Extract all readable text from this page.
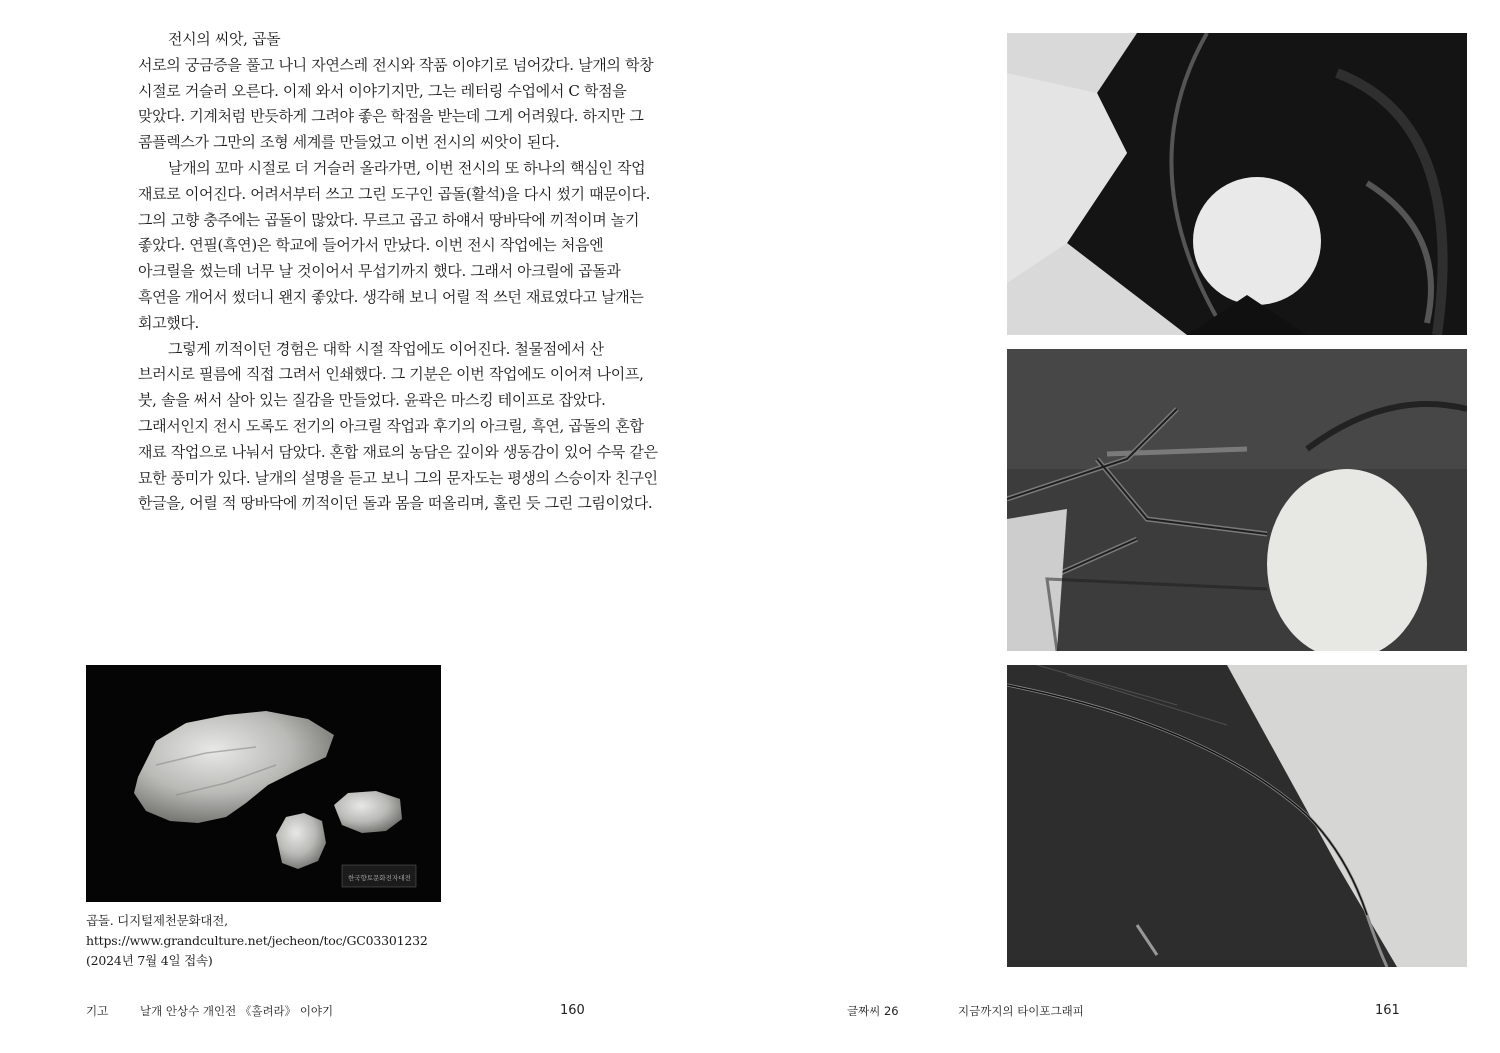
전시의 씨앗, 곱돌

서로의 궁금증을 풀고 나니 자연스레 전시와 작품 이야기로 넘어갔다. 날개의 학창 시절로 거슬러 오른다. 이제 와서 이야기지만, 그는 레터링 수업에서 C 학점을 맞았다. 기계처럼 반듯하게 그려야 좋은 학점을 받는데 그게 어려웠다. 하지만 그 콤플렉스가 그만의 조형 세계를 만들었고 이번 전시의 씨앗이 된다.

날개의 꼬마 시절로 더 거슬러 올라가면, 이번 전시의 또 하나의 핵심인 작업 재료로 이어진다. 어려서부터 쓰고 그린 도구인 곱돌(활석)을 다시 썼기 때문이다. 그의 고향 충주에는 곱돌이 많았다. 무르고 곱고 하얘서 땅바닥에 끼적이며 놀기 좋았다. 연필(흑연)은 학교에 들어가서 만났다. 이번 전시 작업에는 처음엔 아크릴을 썼는데 너무 날 것이어서 무섭기까지 했다. 그래서 아크릴에 곱돌과 흑연을 개어서 썼더니 왠지 좋았다. 생각해 보니 어릴 적 쓰던 재료였다고 날개는 회고했다.

그렇게 끼적이던 경험은 대학 시절 작업에도 이어진다. 철물점에서 산 브러시로 필름에 직접 그려서 인쇄했다. 그 기분은 이번 작업에도 이어져 나이프, 붓, 솔을 써서 살아 있는 질감을 만들었다. 윤곽은 마스킹 테이프로 잡았다. 그래서인지 전시 도록도 전기의 아크릴 작업과 후기의 아크릴, 흑연, 곱돌의 혼합 재료 작업으로 나눠서 담았다. 혼합 재료의 농담은 깊이와 생동감이 있어 수묵 같은 묘한 풍미가 있다. 날개의 설명을 듣고 보니 그의 문자도는 평생의 스승이자 친구인 한글을, 어릴 적 땅바닥에 끼적이던 돌과 몸을 떠올리며, 홀린 듯 그린 그림이었다.

한국향토문화전자대전
곱돌. 디지털제천문화대전, https://www.grandculture.net/jecheon/toc/GC03301232 (2024년 7월 4일 접속)
기고	날개 안상수 개인전 《홀려라》 이야기	160	글짜씨 26	지금까지의 타이포그래피	161
